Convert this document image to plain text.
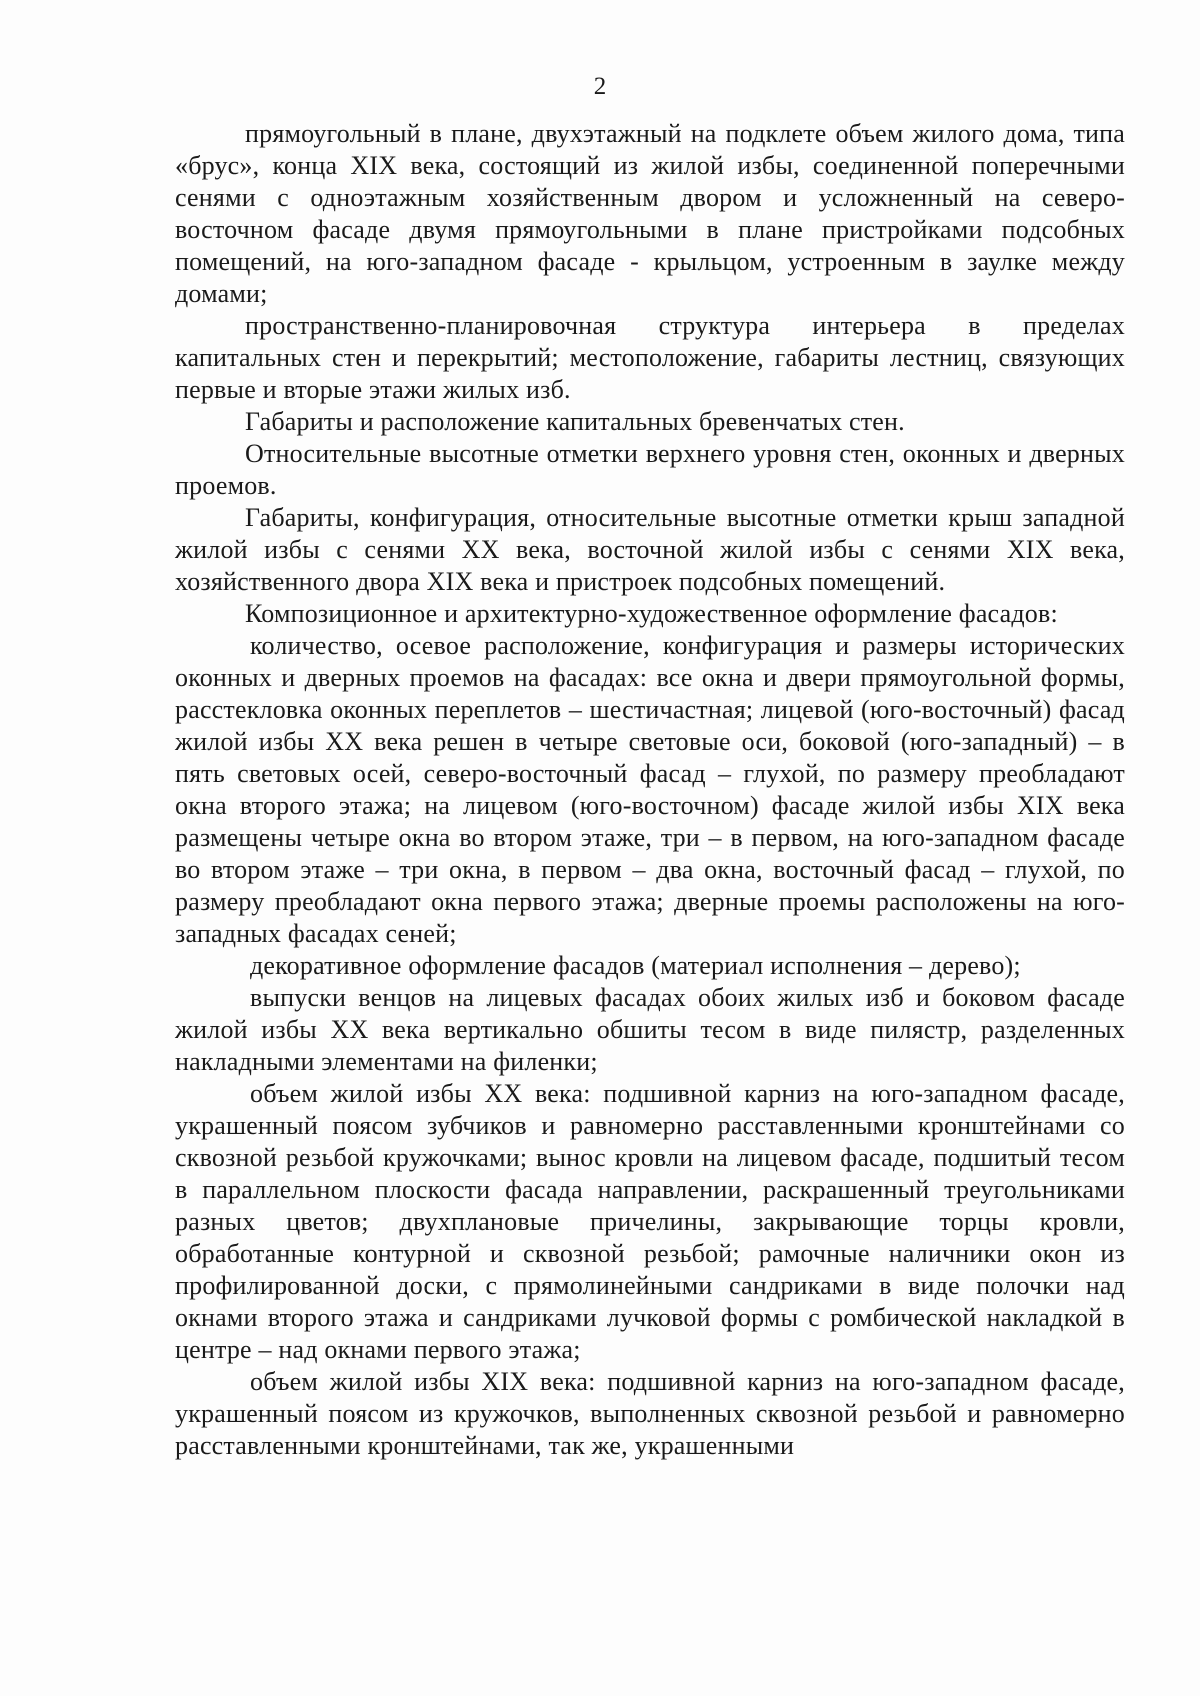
2

прямоугольный в плане, двухэтажный на подклете объем жилого дома, типа «брус», конца XIX века, состоящий из жилой избы, соединенной поперечными сенями с одноэтажным хозяйственным двором и усложненный на северо-восточном фасаде двумя прямоугольными в плане пристройками подсобных помещений, на юго-западном фасаде - крыльцом, устроенным в заулке между домами;

пространственно-планировочная структура интерьера в пределах капитальных стен и перекрытий; местоположение, габариты лестниц, связующих первые и вторые этажи жилых изб.

Габариты и расположение капитальных бревенчатых стен.

Относительные высотные отметки верхнего уровня стен, оконных и дверных проемов.

Габариты, конфигурация, относительные высотные отметки крыш западной жилой избы с сенями XX века, восточной жилой избы с сенями XIX века, хозяйственного двора XIX века и пристроек подсобных помещений.

Композиционное и архитектурно-художественное оформление фасадов:

количество, осевое расположение, конфигурация и размеры исторических оконных и дверных проемов на фасадах: все окна и двери прямоугольной формы, расстекловка оконных переплетов – шестичастная; лицевой (юго-восточный) фасад жилой избы XX века решен в четыре световые оси, боковой (юго-западный) – в пять световых осей, северо-восточный фасад – глухой, по размеру преобладают окна второго этажа; на лицевом (юго-восточном) фасаде жилой избы XIX века размещены четыре окна во втором этаже, три – в первом, на юго-западном фасаде во втором этаже – три окна, в первом – два окна, восточный фасад – глухой, по размеру преобладают окна первого этажа; дверные проемы расположены на юго-западных фасадах сеней;

декоративное оформление фасадов (материал исполнения – дерево);

выпуски венцов на лицевых фасадах обоих жилых изб и боковом фасаде жилой избы XX века вертикально обшиты тесом в виде пилястр, разделенных накладными элементами на филенки;

объем жилой избы XX века: подшивной карниз на юго-западном фасаде, украшенный поясом зубчиков и равномерно расставленными кронштейнами со сквозной резьбой кружочками; вынос кровли на лицевом фасаде, подшитый тесом в параллельном плоскости фасада направлении, раскрашенный треугольниками разных цветов; двухплановые причелины, закрывающие торцы кровли, обработанные контурной и сквозной резьбой; рамочные наличники окон из профилированной доски, с прямолинейными сандриками в виде полочки над окнами второго этажа и сандриками лучковой формы с ромбической накладкой в центре – над окнами первого этажа;

объем жилой избы XIX века: подшивной карниз на юго-западном фасаде, украшенный поясом из кружочков, выполненных сквозной резьбой и равномерно расставленными кронштейнами, так же, украшенными
